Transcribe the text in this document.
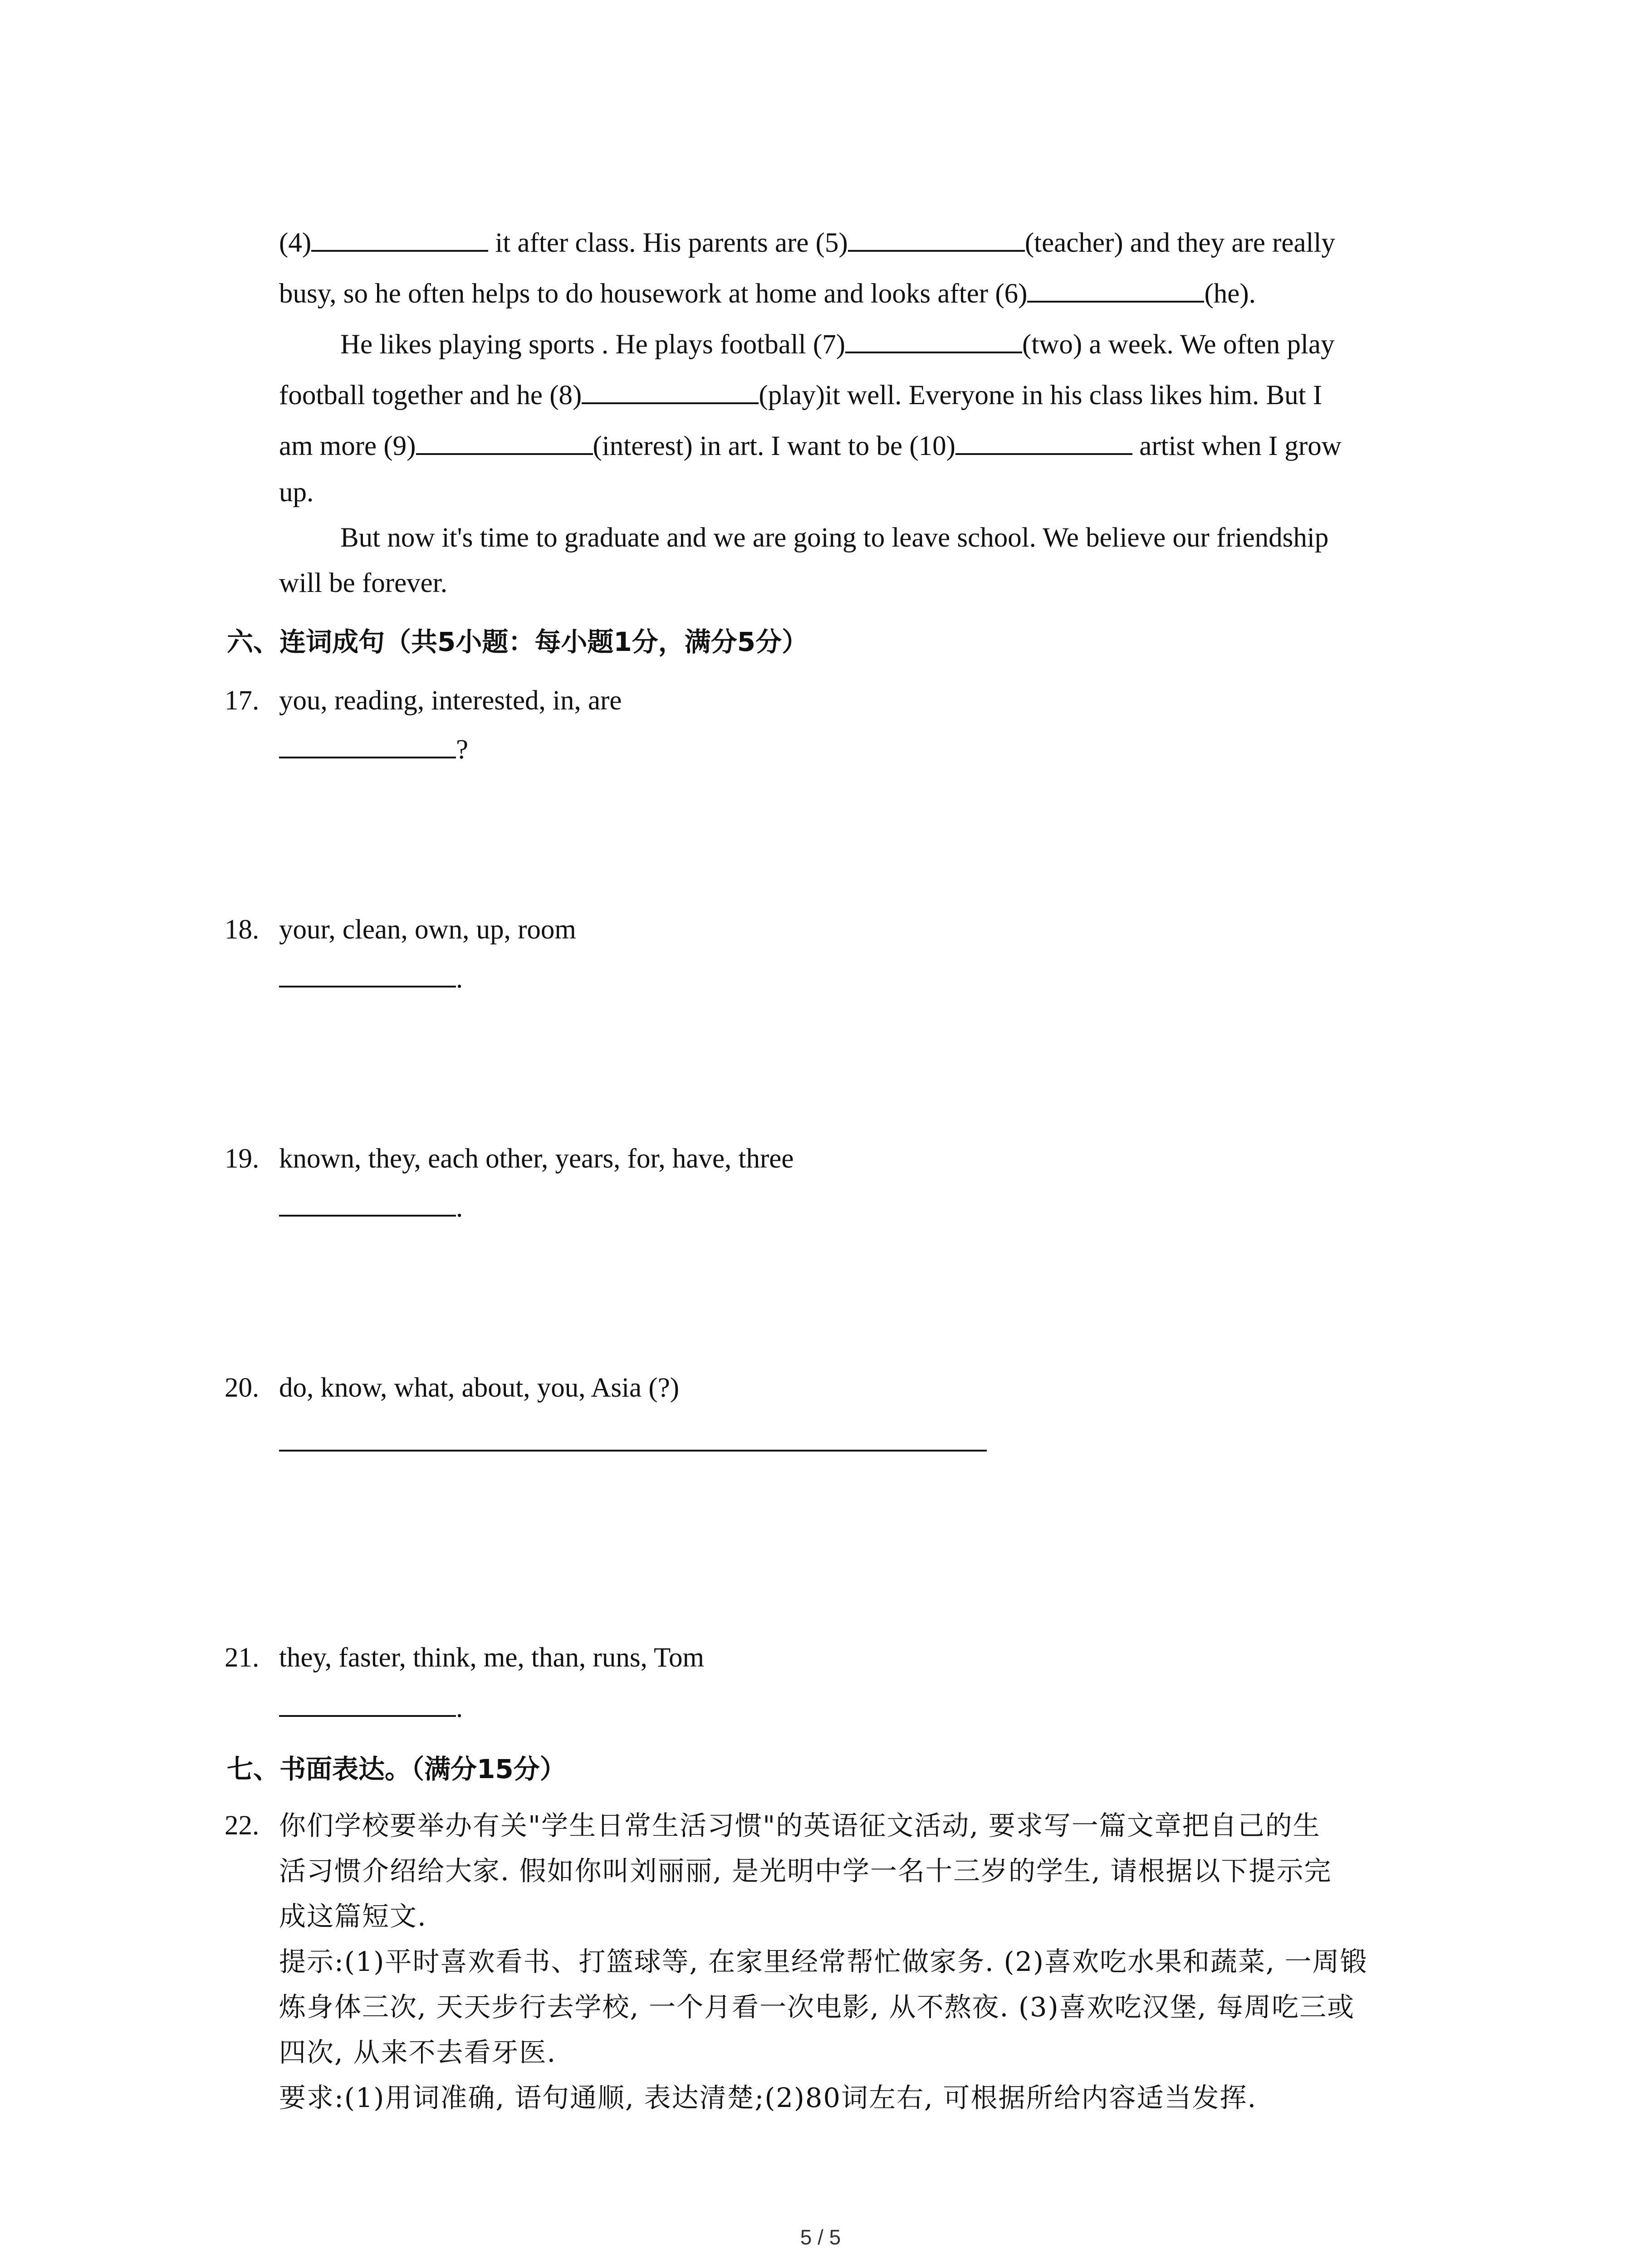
(4)	it after class. His parents are (5)	(teacher) and they are really
busy, so he often helps to do housework at home and looks after (6)	(he).
He likes playing sports . He plays football (7)	(two) a week. We often play
football together and he (8)	(play)it well. Everyone in his class likes him. But I
am more (9)	(interest) in art. I want to be (10)	artist when I grow
up.
But now it's time to graduate and we are going to leave school. We believe our friendship
will be forever.
六、连词成句（共5小题：每小题1分，满分5分）
17. you, reading, interested, in, are
?
18. your, clean, own, up, room
.
19. known, they, each other, years, for, have, three
.
20. do, know, what, about, you, Asia (?)
21. they, faster, think, me, than, runs, Tom
.
七、书面表达。（满分15分）
22. 你们学校要举办有关"学生日常生活习惯"的英语征文活动, 要求写一篇文章把自己的生
活习惯介绍给大家. 假如你叫刘丽丽, 是光明中学一名十三岁的学生, 请根据以下提示完
成这篇短文.
提示:(1)平时喜欢看书、打篮球等, 在家里经常帮忙做家务. (2)喜欢吃水果和蔬菜, 一周锻
炼身体三次, 天天步行去学校, 一个月看一次电影, 从不熬夜. (3)喜欢吃汉堡, 每周吃三或
四次, 从来不去看牙医.
要求:(1)用词准确, 语句通顺, 表达清楚;(2)80词左右, 可根据所给内容适当发挥.
5 / 5
